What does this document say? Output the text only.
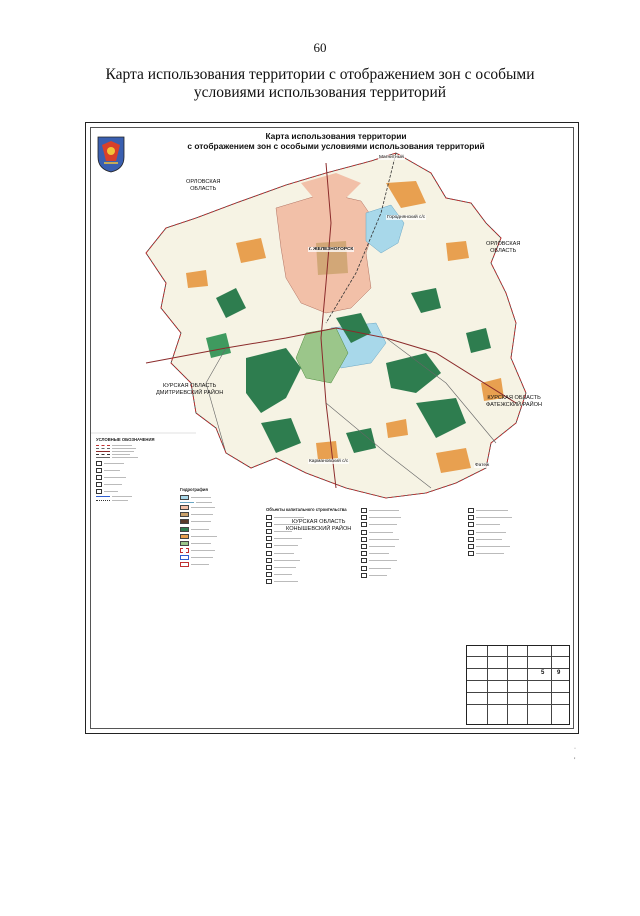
60
Карта использования территории с отображением зон с особыми
условиями использования территорий
Карта использования территории
с отображением зон с особыми условиями использования территорий
ОРЛОВСКАЯ
ОБЛАСТЬ
ОРЛОВСКАЯ
ОБЛАСТЬ
КУРСКАЯ ОБЛАСТЬ
ДМИТРИЕВСКИЙ РАЙОН
КУРСКАЯ ОБЛАСТЬ
ФАТЕЖСКИЙ РАЙОН
КУРСКАЯ ОБЛАСТЬ
КОНЫШЕВСКИЙ РАЙОН
Магнитный
Городнянский с/с
г. ЖЕЛЕЗНОГОРСК
Кармановский с/с
Фатеж
УСЛОВНЫЕ ОБОЗНАЧЕНИЯ
Гидрография
Объекты капитального строительства
5 9
·
,
